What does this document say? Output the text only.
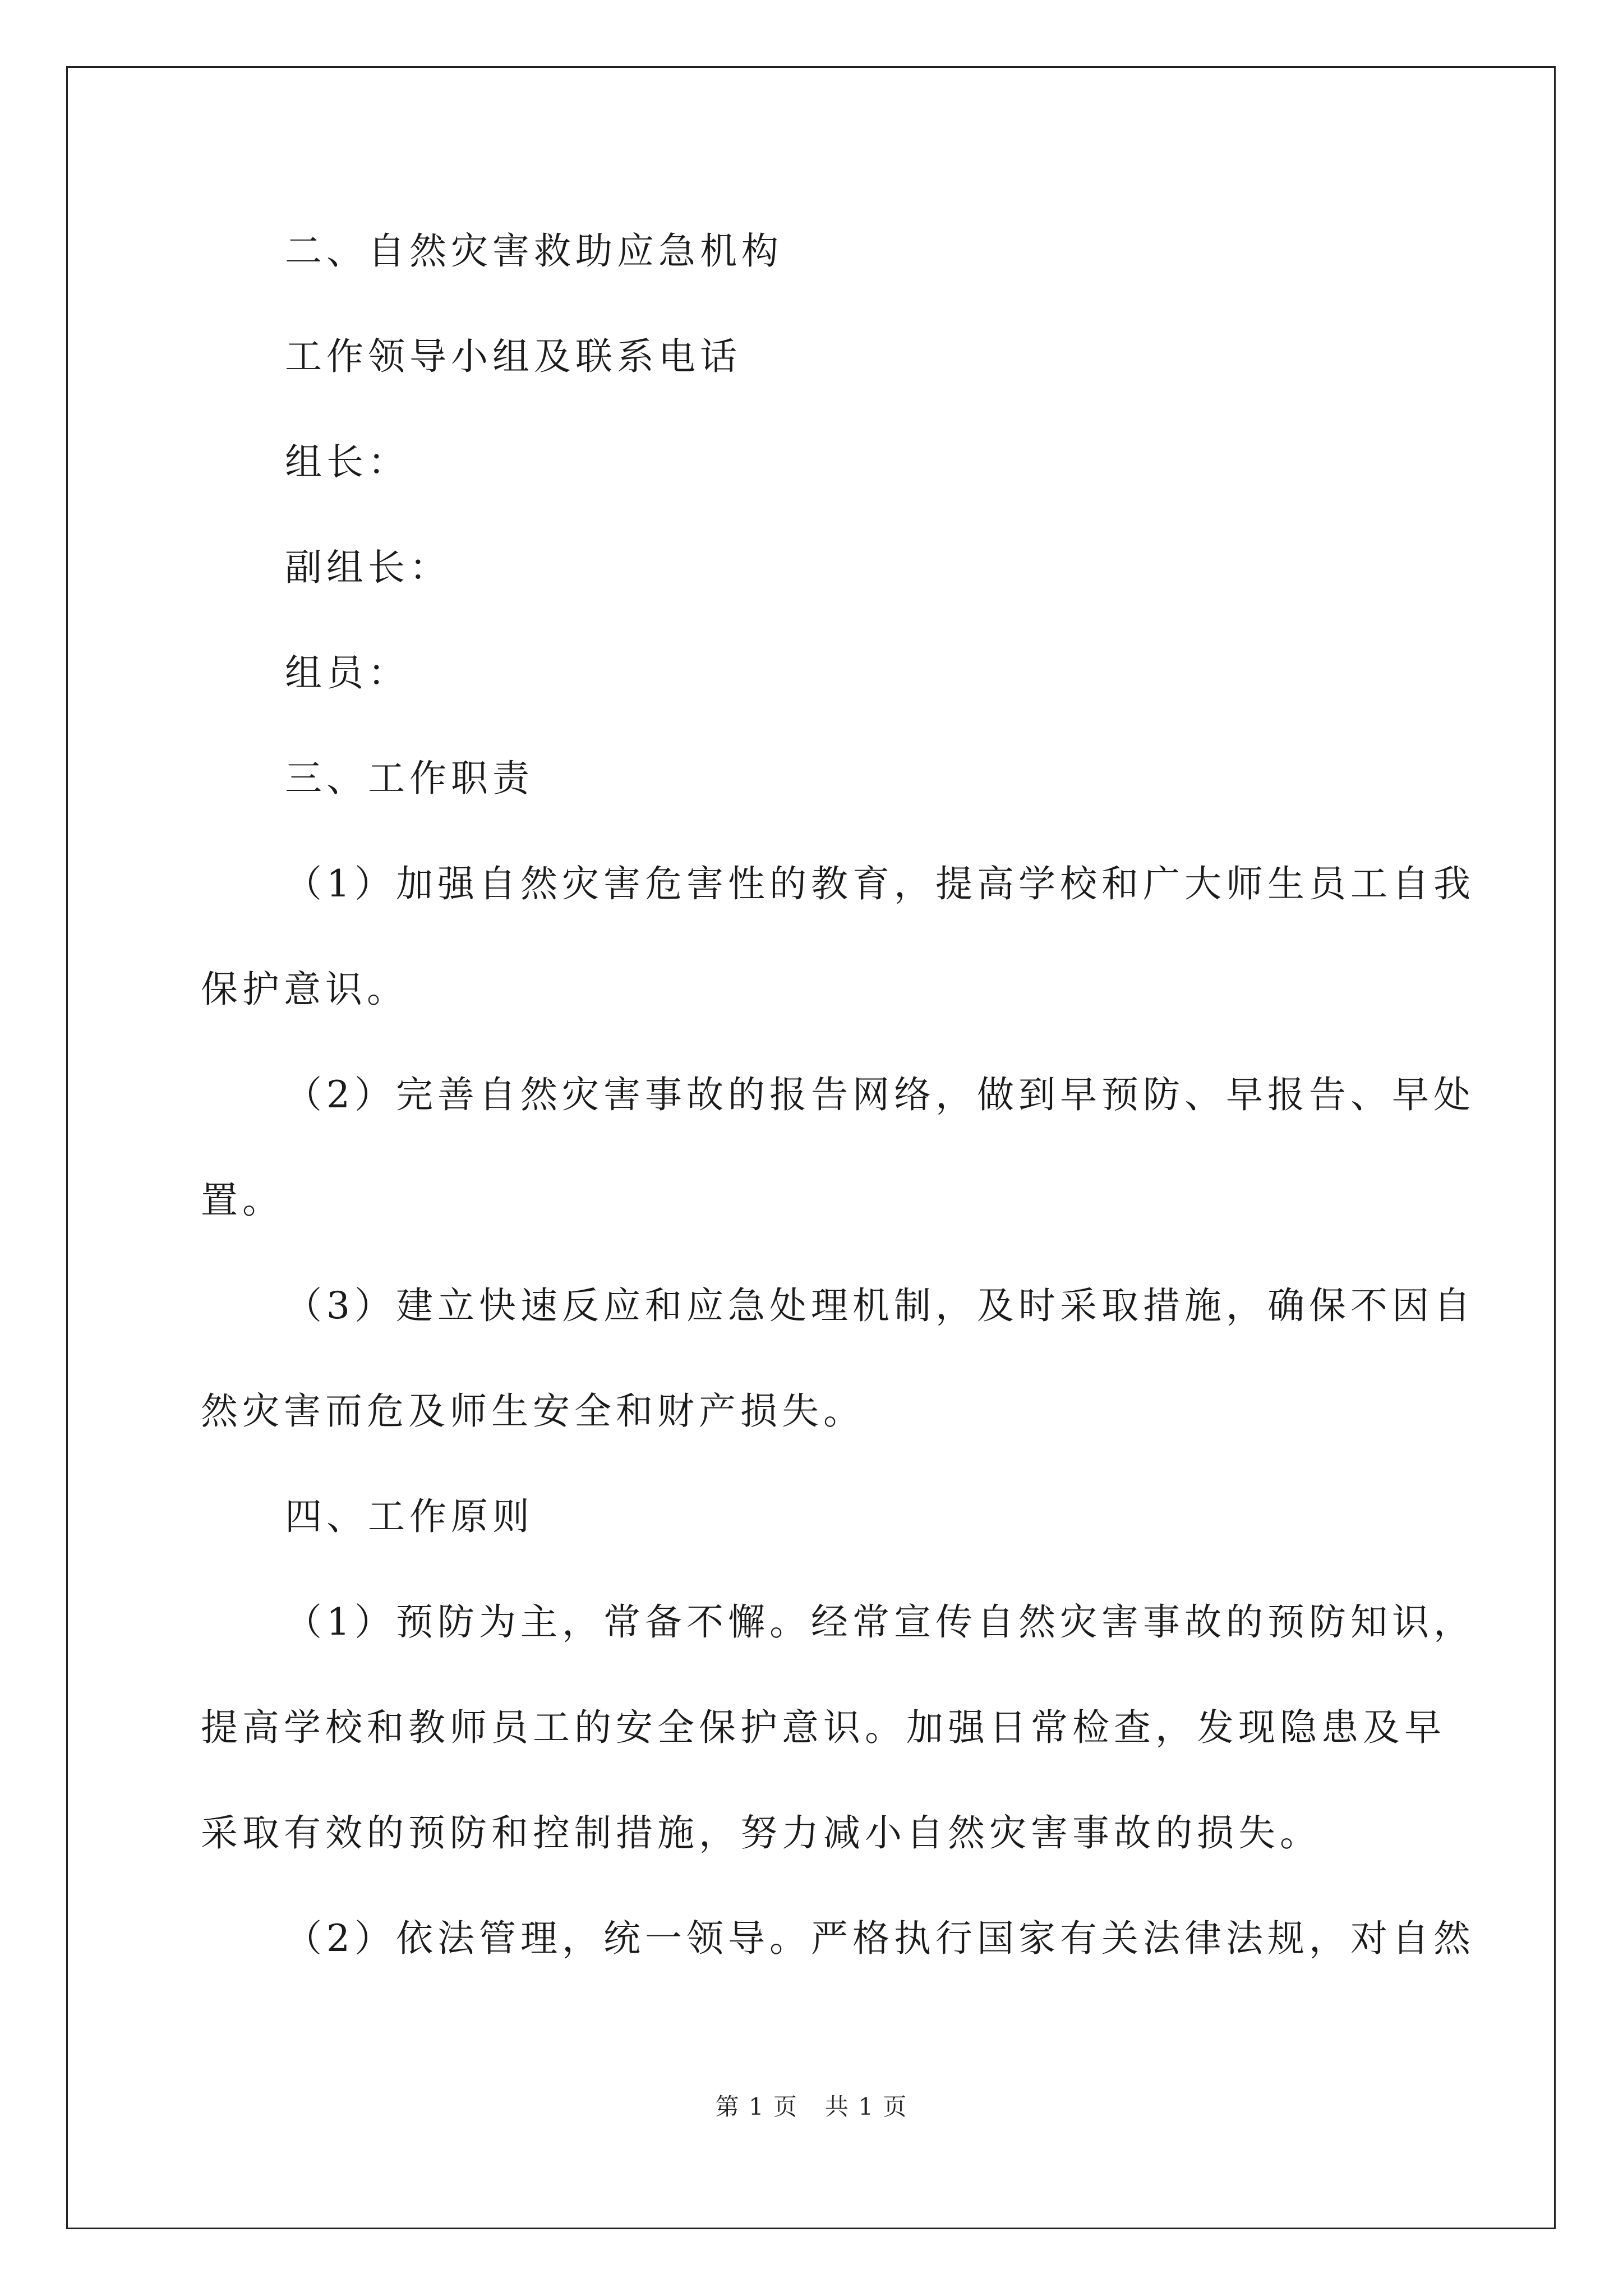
二、自然灾害救助应急机构
工作领导小组及联系电话
组长：
副组长：
组员：
三、工作职责
（1）加强自然灾害危害性的教育，提高学校和广大师生员工自我
保护意识。
（2）完善自然灾害事故的报告网络，做到早预防、早报告、早处
置。
（3）建立快速反应和应急处理机制，及时采取措施，确保不因自
然灾害而危及师生安全和财产损失。
四、工作原则
（1）预防为主，常备不懈。经常宣传自然灾害事故的预防知识，
提高学校和教师员工的安全保护意识。加强日常检查，发现隐患及早
采取有效的预防和控制措施，努力减小自然灾害事故的损失。
（2）依法管理，统一领导。严格执行国家有关法律法规，对自然
第 1 页 共 1 页
